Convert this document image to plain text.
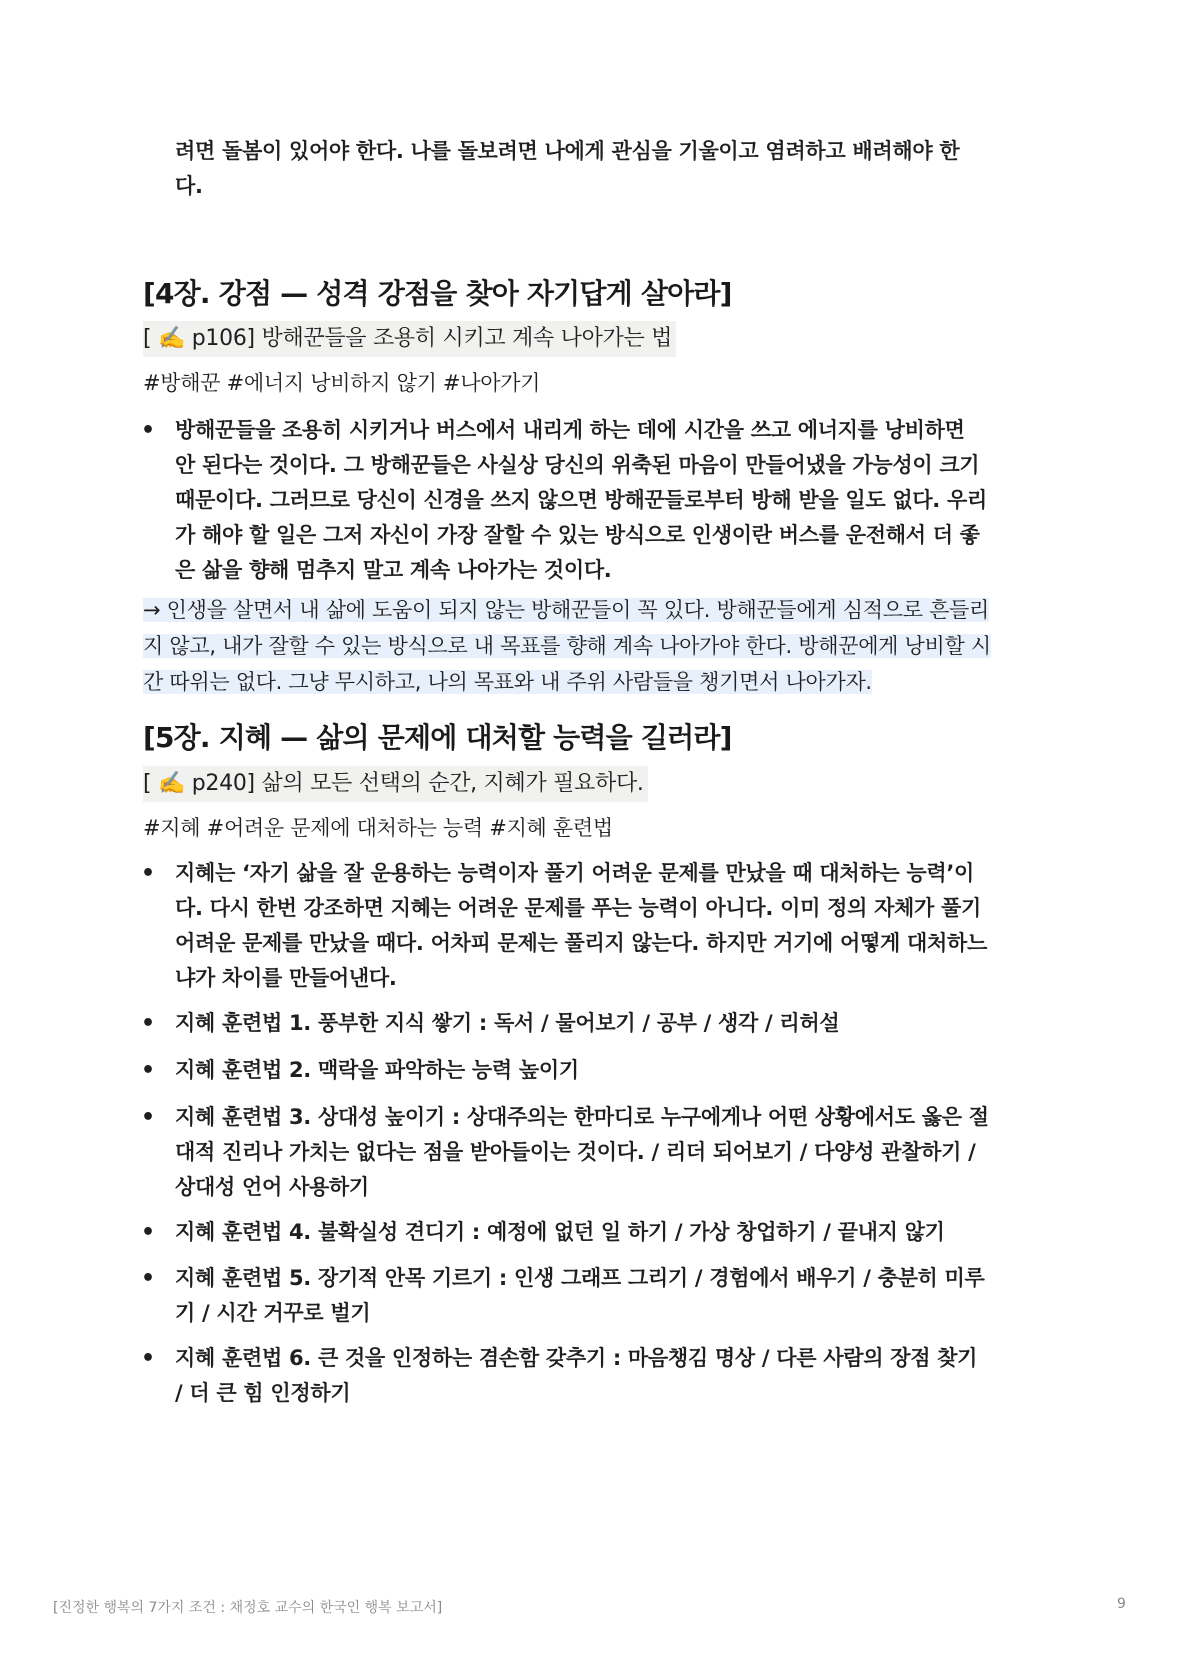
려면 돌봄이 있어야 한다. 나를 돌보려면 나에게 관심을 기울이고 염려하고 배려해야 한다.
[4장. 강점 — 성격 강점을 찾아 자기답게 살아라]
[ ✍️ p106] 방해꾼들을 조용히 시키고 계속 나아가는 법
#방해꾼 #에너지 낭비하지 않기 #나아가기
• 방해꾼들을 조용히 시키거나 버스에서 내리게 하는 데에 시간을 쓰고 에너지를 낭비하면 안 된다는 것이다. 그 방해꾼들은 사실상 당신의 위축된 마음이 만들어냈을 가능성이 크기 때문이다. 그러므로 당신이 신경을 쓰지 않으면 방해꾼들로부터 방해 받을 일도 없다. 우리가 해야 할 일은 그저 자신이 가장 잘할 수 있는 방식으로 인생이란 버스를 운전해서 더 좋은 삶을 향해 멈추지 말고 계속 나아가는 것이다.
→ 인생을 살면서 내 삶에 도움이 되지 않는 방해꾼들이 꼭 있다. 방해꾼들에게 심적으로 흔들리지 않고, 내가 잘할 수 있는 방식으로 내 목표를 향해 계속 나아가야 한다. 방해꾼에게 낭비할 시간 따위는 없다. 그냥 무시하고, 나의 목표와 내 주위 사람들을 챙기면서 나아가자.
[5장. 지혜 — 삶의 문제에 대처할 능력을 길러라]
[ ✍️ p240] 삶의 모든 선택의 순간, 지혜가 필요하다.
#지혜 #어려운 문제에 대처하는 능력 #지혜 훈련법
• 지혜는 ‘자기 삶을 잘 운용하는 능력이자 풀기 어려운 문제를 만났을 때 대처하는 능력’이다. 다시 한번 강조하면 지혜는 어려운 문제를 푸는 능력이 아니다. 이미 정의 자체가 풀기 어려운 문제를 만났을 때다. 어차피 문제는 풀리지 않는다. 하지만 거기에 어떻게 대처하느냐가 차이를 만들어낸다.
• 지혜 훈련법 1. 풍부한 지식 쌓기 : 독서 / 물어보기 / 공부 / 생각 / 리허설
• 지혜 훈련법 2. 맥락을 파악하는 능력 높이기
• 지혜 훈련법 3. 상대성 높이기 : 상대주의는 한마디로 누구에게나 어떤 상황에서도 옳은 절대적 진리나 가치는 없다는 점을 받아들이는 것이다. / 리더 되어보기 / 다양성 관찰하기 / 상대성 언어 사용하기
• 지혜 훈련법 4. 불확실성 견디기 : 예정에 없던 일 하기 / 가상 창업하기 / 끝내지 않기
• 지혜 훈련법 5. 장기적 안목 기르기 : 인생 그래프 그리기 / 경험에서 배우기 / 충분히 미루기 / 시간 거꾸로 벌기
• 지혜 훈련법 6. 큰 것을 인정하는 겸손함 갖추기 : 마음챙김 명상 / 다른 사람의 장점 찾기 / 더 큰 힘 인정하기
[진정한 행복의 7가지 조건 : 채정호 교수의 한국인 행복 보고서]	9
